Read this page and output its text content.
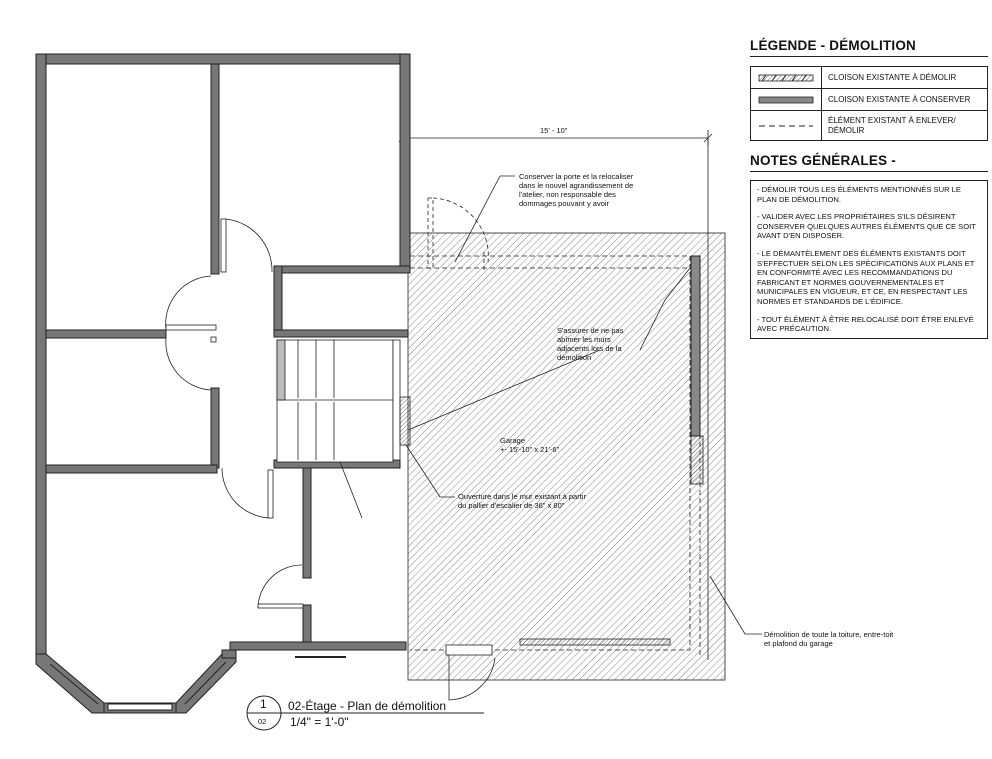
15' - 10"
Conserver la porte et la relocaliser
dans le nouvel agrandissement de
l'atelier, non responsable des
dommages pouvant y avoir
S'assurer de ne pas
abîmer les murs
adjacents lors de la
démolition
Garage
+- 15'-10" x 21'-6"
Ouverture dans le mur existant à partir
du pallier d'escalier de 36" x 80"
Démolition de toute la toiture, entre-toit
et plafond du garage
1
02
02-Étage - Plan de démolition
1/4" = 1'-0"
LÉGENDE - DÉMOLITION
CLOISON EXISTANTE À DÉMOLIR
CLOISON EXISTANTE À CONSERVER
ÉLÉMENT EXISTANT À ENLEVER/ DÉMOLIR
NOTES GÉNÉRALES -

- DÉMOLIR TOUS LES ÉLÉMENTS MENTIONNÉS SUR LE PLAN DE DÉMOLITION.

- VALIDER AVEC LES PROPRIÉTAIRES S'ILS DÉSIRENT CONSERVER QUELQUES AUTRES ÉLÉMENTS QUE CE SOIT AVANT D'EN DISPOSER.

- LE DÉMANTÈLEMENT DES ÉLÉMENTS EXISTANTS DOIT S'EFFECTUER SELON LES SPÉCIFICATIONS AUX PLANS ET EN CONFORMITÉ AVEC LES RECOMMANDATIONS DU FABRICANT ET NORMES GOUVERNEMENTALES ET MUNICIPALES EN VIGUEUR, ET CE, EN RESPECTANT LES NORMES ET STANDARDS DE L'ÉDIFICE.

- TOUT ÉLÉMENT À ÊTRE RELOCALISÉ DOIT ÊTRE ENLEVÉ AVEC PRÉCAUTION.
